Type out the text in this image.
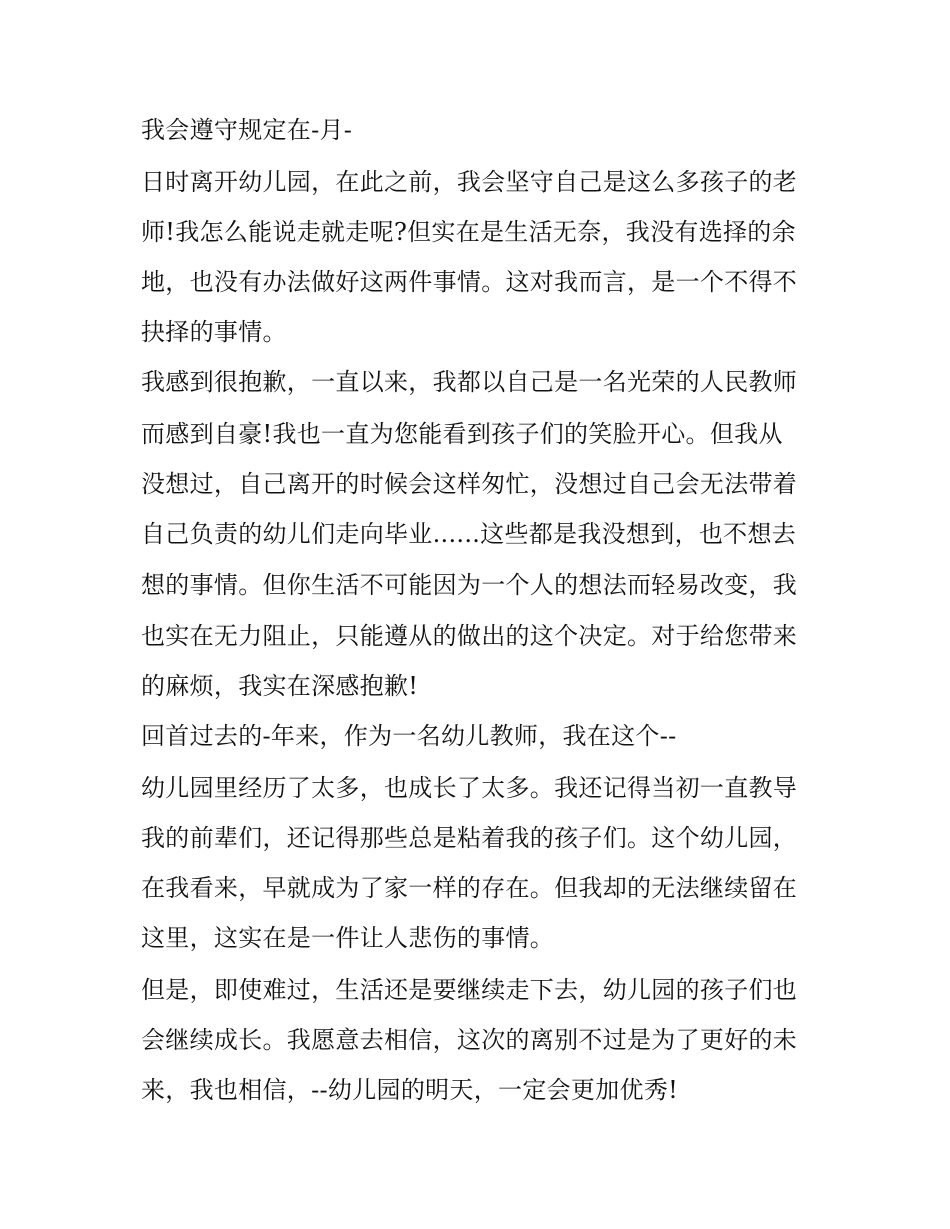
我会遵守规定在-月-
日时离开幼儿园，在此之前，我会坚守自己是这么多孩子的老
师!我怎么能说走就走呢?但实在是生活无奈，我没有选择的余
地，也没有办法做好这两件事情。这对我而言，是一个不得不
抉择的事情。
我感到很抱歉，一直以来，我都以自己是一名光荣的人民教师
而感到自豪!我也一直为您能看到孩子们的笑脸开心。但我从
没想过，自己离开的时候会这样匆忙，没想过自己会无法带着
自己负责的幼儿们走向毕业......这些都是我没想到，也不想去
想的事情。但你生活不可能因为一个人的想法而轻易改变，我
也实在无力阻止，只能遵从的做出的这个决定。对于给您带来
的麻烦，我实在深感抱歉!
回首过去的-年来，作为一名幼儿教师，我在这个--
幼儿园里经历了太多，也成长了太多。我还记得当初一直教导
我的前辈们，还记得那些总是粘着我的孩子们。这个幼儿园，
在我看来，早就成为了家一样的存在。但我却的无法继续留在
这里，这实在是一件让人悲伤的事情。
但是，即使难过，生活还是要继续走下去，幼儿园的孩子们也
会继续成长。我愿意去相信，这次的离别不过是为了更好的未
来，我也相信，--幼儿园的明天，一定会更加优秀!
